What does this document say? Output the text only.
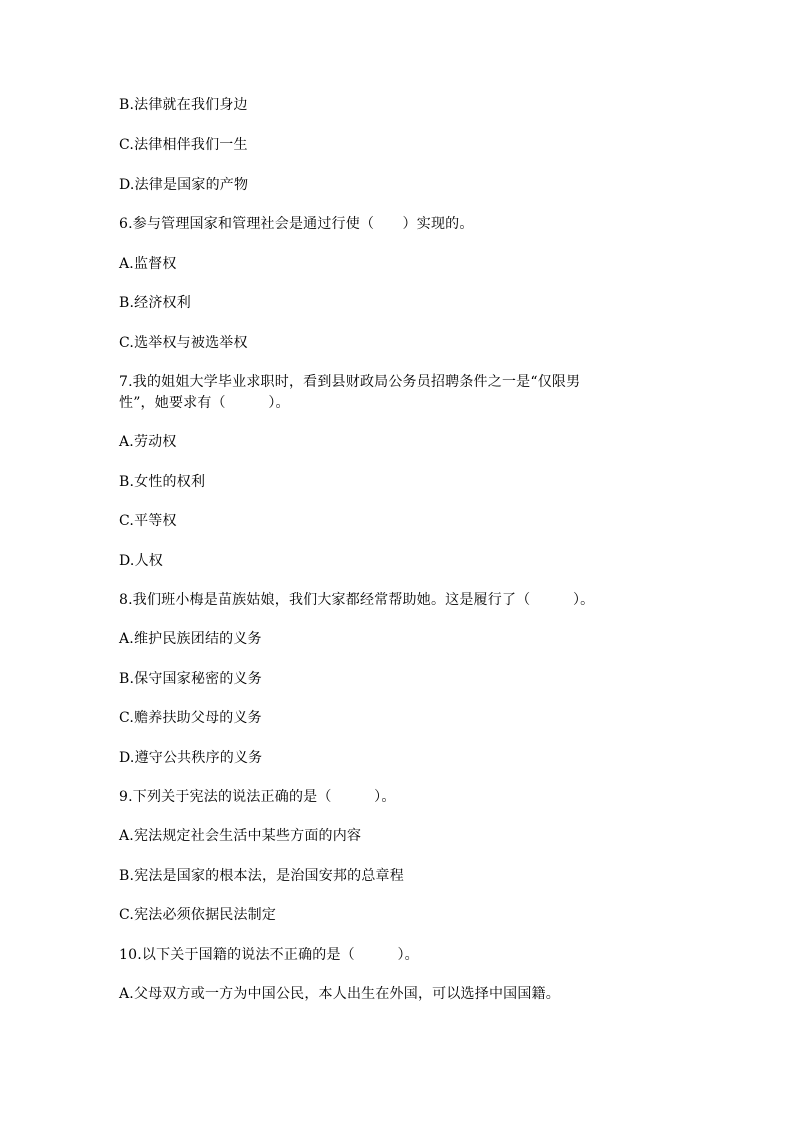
B.法律就在我们身边
C.法律相伴我们一生
D.法律是国家的产物
6.参与管理国家和管理社会是通过行使（　　）实现的。
A.监督权
B.经济权利
C.选举权与被选举权
7.我的姐姐大学毕业求职时，看到县财政局公务员招聘条件之一是“仅限男
性”，她要求有（　　　）。
A.劳动权
B.女性的权利
C.平等权
D.人权
8.我们班小梅是苗族姑娘，我们大家都经常帮助她。这是履行了（　　　）。
A.维护民族团结的义务
B.保守国家秘密的义务
C.赡养扶助父母的义务
D.遵守公共秩序的义务
9.下列关于宪法的说法正确的是（　　　）。
A.宪法规定社会生活中某些方面的内容
B.宪法是国家的根本法，是治国安邦的总章程
C.宪法必须依据民法制定
10.以下关于国籍的说法不正确的是（　　　）。
A.父母双方或一方为中国公民，本人出生在外国，可以选择中国国籍。
